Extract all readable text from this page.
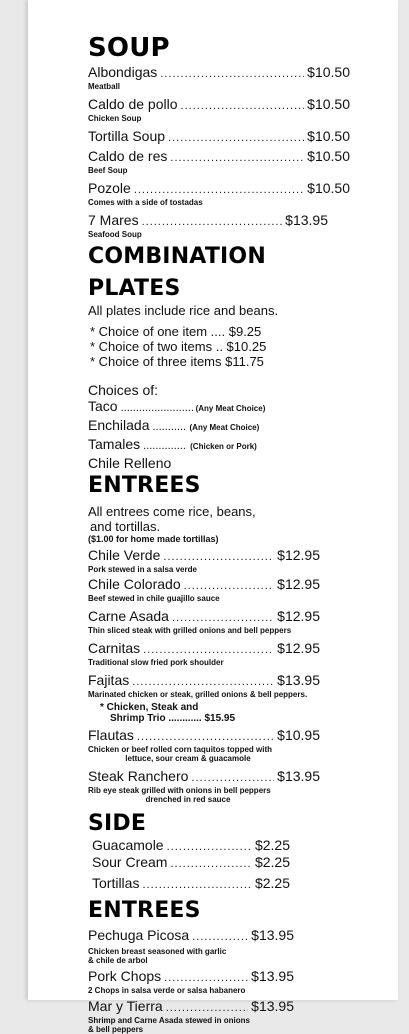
SOUP
Albondigas .....	$10.50
Meatball
Caldo de pollo .....	$10.50
Chicken Soup
Tortilla Soup .....	$10.50
Caldo de res .....	$10.50
Beef Soup
Pozole .....	$10.50
Comes with a side of tostadas
7 Mares .....	$13.95
Seafood Soup
COMBINATION
PLATES
All plates include rice and beans.
* Choice of one item .... $9.25
* Choice of two items .. $10.25
* Choice of three items $11.75
Choices of:
Taco .....	(Any Meat Choice)
Enchilada .....	(Any Meat Choice)
Tamales .....	(Chicken or Pork)
Chile Relleno
ENTREES
All entrees come rice, beans,
and tortillas.
($1.00 for home made tortillas)
Chile Verde .....	$12.95
Pork stewed in a salsa verde
Chile Colorado .....	$12.95
Beef stewed in chile guajillo sauce
Carne Asada .....	$12.95
Thin sliced steak with grilled onions and bell peppers
Carnitas .....	$12.95
Traditional slow fried pork shoulder
Fajitas .....	$13.95
Marinated chicken or steak, grilled onions & bell peppers.
* Chicken, Steak and
Shrimp Trio ............ $15.95
Flautas .....	$10.95
Chicken or beef rolled corn taquitos topped with
lettuce, sour cream & guacamole
Steak Ranchero .....	$13.95
Rib eye steak grilled with onions in bell peppers
drenched in red sauce
SIDE
Guacamole .....	$2.25
Sour Cream .....	$2.25
Tortillas .....	$2.25
ENTREES
Pechuga Picosa .....	$13.95
Chicken breast seasoned with garlic
& chile de arbol
Pork Chops .....	$13.95
2 Chops in salsa verde or salsa habanero
Mar y Tierra .....	$13.95
Shrimp and Carne Asada stewed in onions
& bell peppers
